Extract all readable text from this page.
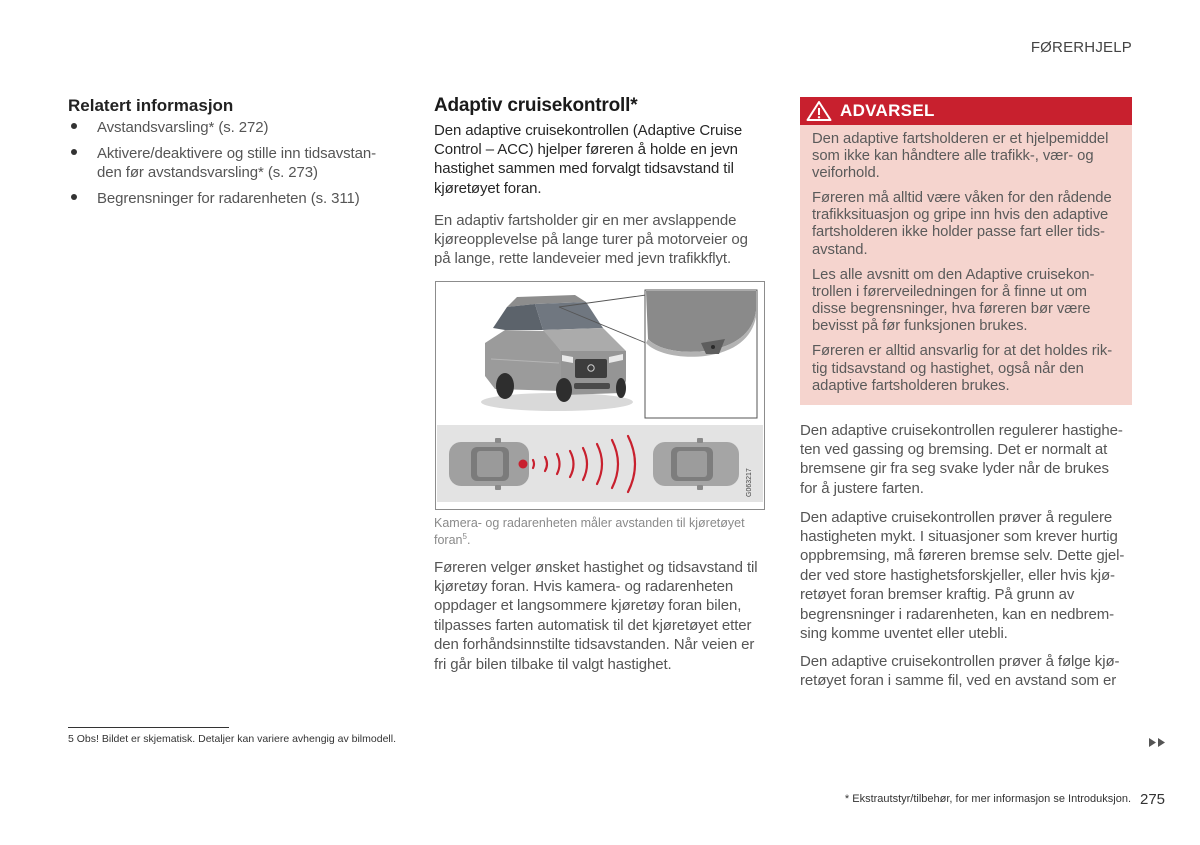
FØRERHJELP
Relatert informasjon
Avstandsvarsling* (s. 272)
Aktivere/deaktivere og stille inn tidsavstan-
den før avstandsvarsling* (s. 273)
Begrensninger for radarenheten (s. 311)
Adaptiv cruisekontroll*
Den adaptive cruisekontrollen (Adaptive Cruise
Control – ACC) hjelper føreren å holde en jevn
hastighet sammen med forvalgt tidsavstand til
kjøretøyet foran.
En adaptiv fartsholder gir en mer avslappende
kjøreopplevelse på lange turer på motorveier og
på lange, rette landeveier med jevn trafikkflyt.
G063217
Kamera- og radarenheten måler avstanden til kjøretøyet
foran$^5$.
Føreren velger ønsket hastighet og tidsavstand til
kjøretøy foran. Hvis kamera- og radarenheten
oppdager et langsommere kjøretøy foran bilen,
tilpasses farten automatisk til det kjøretøyet etter
den forhåndsinnstilte tidsavstanden. Når veien er
fri går bilen tilbake til valgt hastighet.
ADVARSEL
Den adaptive fartsholderen er et hjelpemiddel
som ikke kan håndtere alle trafikk-, vær- og
veiforhold.
Føreren må alltid være våken for den rådende
trafikksituasjon og gripe inn hvis den adaptive
fartsholderen ikke holder passe fart eller tids-
avstand.
Les alle avsnitt om den Adaptive cruisekon-
trollen i førerveiledningen for å finne ut om
disse begrensninger, hva føreren bør være
bevisst på før funksjonen brukes.
Føreren er alltid ansvarlig for at det holdes rik-
tig tidsavstand og hastighet, også når den
adaptive fartsholderen brukes.
Den adaptive cruisekontrollen regulerer hastighe-
ten ved gassing og bremsing. Det er normalt at
bremsene gir fra seg svake lyder når de brukes
for å justere farten.
Den adaptive cruisekontrollen prøver å regulere
hastigheten mykt. I situasjoner som krever hurtig
oppbremsing, må føreren bremse selv. Dette gjel-
der ved store hastighetsforskjeller, eller hvis kjø-
retøyet foran bremser kraftig. På grunn av
begrensninger i radarenheten, kan en nedbrem-
sing komme uventet eller utebli.
Den adaptive cruisekontrollen prøver å følge kjø-
retøyet foran i samme fil, ved en avstand som er
5 Obs! Bildet er skjematisk. Detaljer kan variere avhengig av bilmodell.
* Ekstrautstyr/tilbehør, for mer informasjon se Introduksjon. 275
